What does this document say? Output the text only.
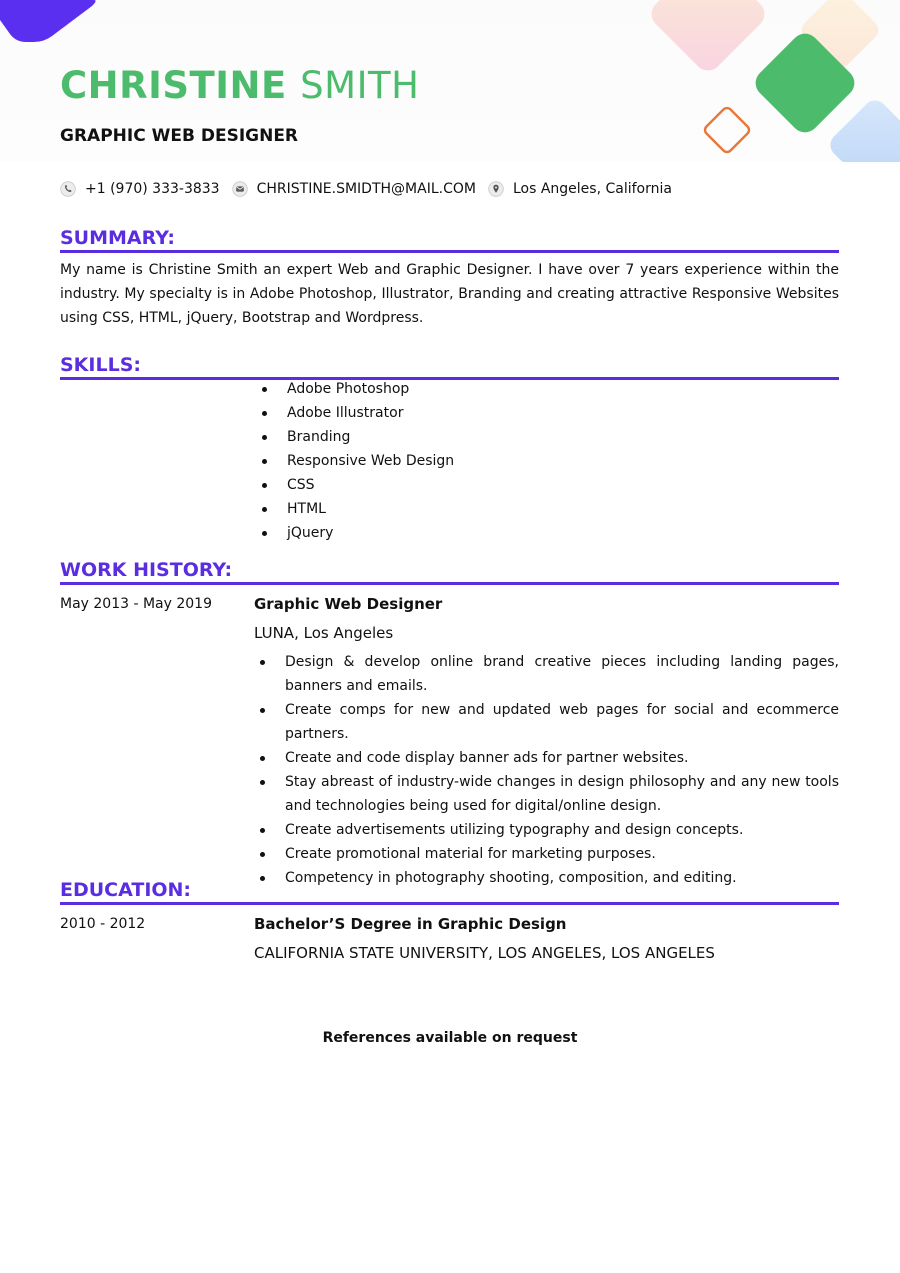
CHRISTINE SMITH
GRAPHIC WEB DESIGNER
+1 (970) 333-3833	CHRISTINE.SMIDTH@MAIL.COM	Los Angeles, California
SUMMARY:

My name is Christine Smith an expert Web and Graphic Designer. I have over 7 years experience within the industry. My specialty is in Adobe Photoshop, Illustrator, Branding and creating attractive Responsive Websites using CSS, HTML, jQuery, Bootstrap and Wordpress.

SKILLS:
Adobe Photoshop
Adobe Illustrator
Branding
Responsive Web Design
CSS
HTML
jQuery
WORK HISTORY:
May 2013 - May 2019	Graphic Web Designer
LUNA, Los Angeles
Design & develop online brand creative pieces including landing pages, banners and emails.
Create comps for new and updated web pages for social and ecommerce partners.
Create and code display banner ads for partner websites.
Stay abreast of industry-wide changes in design philosophy and any new tools and technologies being used for digital/online design.
Create advertisements utilizing typography and design concepts.
Create promotional material for marketing purposes.
Competency in photography shooting, composition, and editing.
EDUCATION:
2010 - 2012	Bachelor’S Degree in Graphic Design
CALIFORNIA STATE UNIVERSITY, LOS ANGELES, LOS ANGELES
References available on request
